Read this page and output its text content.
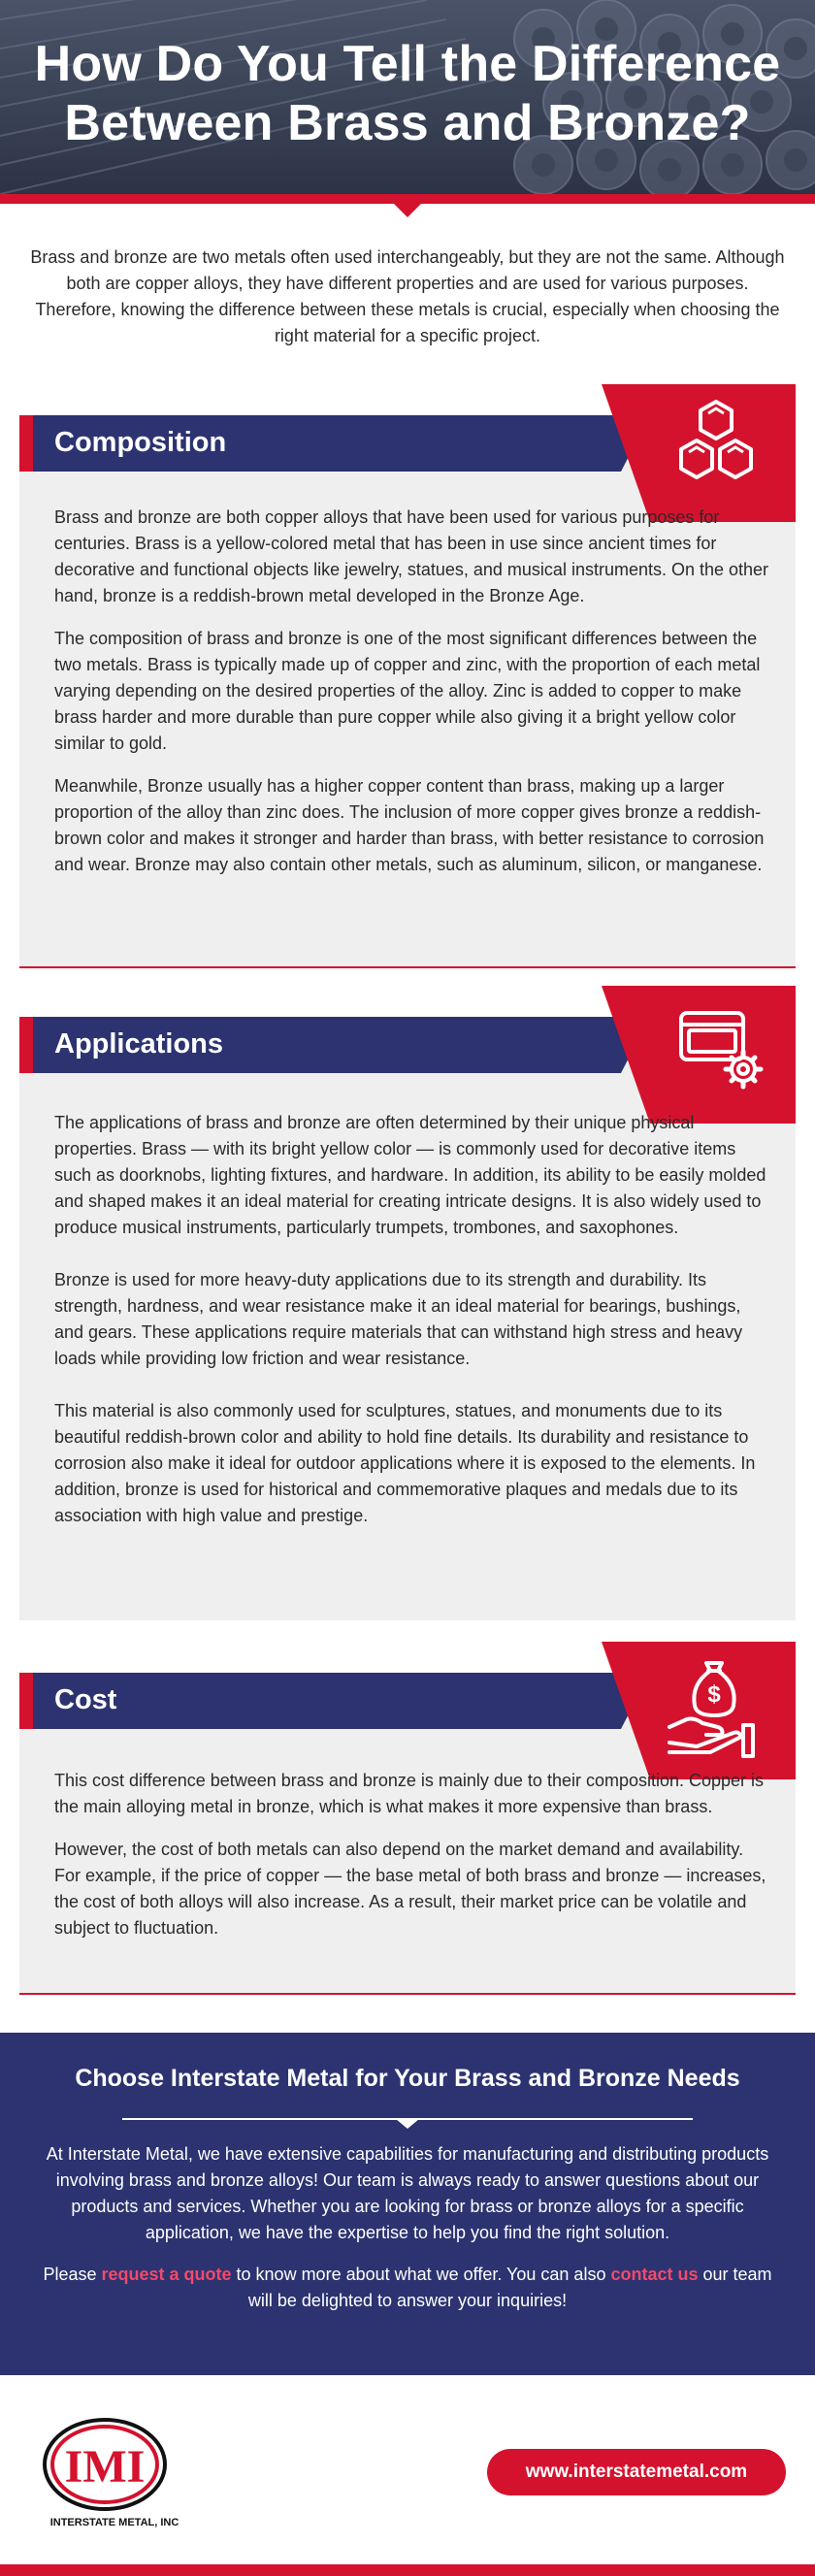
How Do You Tell the Difference
Between Brass and Bronze?

Brass and bronze are two metals often used interchangeably, but they are not the same. Although both are copper alloys, they have different properties and are used for various purposes. Therefore, knowing the difference between these metals is crucial, especially when choosing the right material for a specific project.

Composition

Brass and bronze are both copper alloys that have been used for various purposes for centuries. Brass is a yellow-colored metal that has been in use since ancient times for decorative and functional objects like jewelry, statues, and musical instruments. On the other hand, bronze is a reddish-brown metal developed in the Bronze Age.

The composition of brass and bronze is one of the most significant differences between the two metals. Brass is typically made up of copper and zinc, with the proportion of each metal varying depending on the desired properties of the alloy. Zinc is added to copper to make brass harder and more durable than pure copper while also giving it a bright yellow color similar to gold.

Meanwhile, Bronze usually has a higher copper content than brass, making up a larger proportion of the alloy than zinc does. The inclusion of more copper gives bronze a reddish-brown color and makes it stronger and harder than brass, with better resistance to corrosion and wear. Bronze may also contain other metals, such as aluminum, silicon, or manganese.

Applications

The applications of brass and bronze are often determined by their unique physical properties. Brass — with its bright yellow color — is commonly used for decorative items such as doorknobs, lighting fixtures, and hardware. In addition, its ability to be easily molded and shaped makes it an ideal material for creating intricate designs. It is also widely used to produce musical instruments, particularly trumpets, trombones, and saxophones.

Bronze is used for more heavy-duty applications due to its strength and durability. Its strength, hardness, and wear resistance make it an ideal material for bearings, bushings, and gears. These applications require materials that can withstand high stress and heavy loads while providing low friction and wear resistance.

This material is also commonly used for sculptures, statues, and monuments due to its beautiful reddish-brown color and ability to hold fine details. Its durability and resistance to corrosion also make it ideal for outdoor applications where it is exposed to the elements. In addition, bronze is used for historical and commemorative plaques and medals due to its association with high value and prestige.

Cost	$

This cost difference between brass and bronze is mainly due to their composition. Copper is the main alloying metal in bronze, which is what makes it more expensive than brass.

However, the cost of both metals can also depend on the market demand and availability. For example, if the price of copper — the base metal of both brass and bronze — increases, the cost of both alloys will also increase. As a result, their market price can be volatile and subject to fluctuation.

Choose Interstate Metal for Your Brass and Bronze Needs

At Interstate Metal, we have extensive capabilities for manufacturing and distributing products involving brass and bronze alloys! Our team is always ready to answer questions about our products and services. Whether you are looking for brass or bronze alloys for a specific application, we have the expertise to help you find the right solution.

Please request a quote to know more about what we offer. You can also contact us our team will be delighted to answer your inquiries!

IMI
INTERSTATE METAL, INC
www.interstatemetal.com
